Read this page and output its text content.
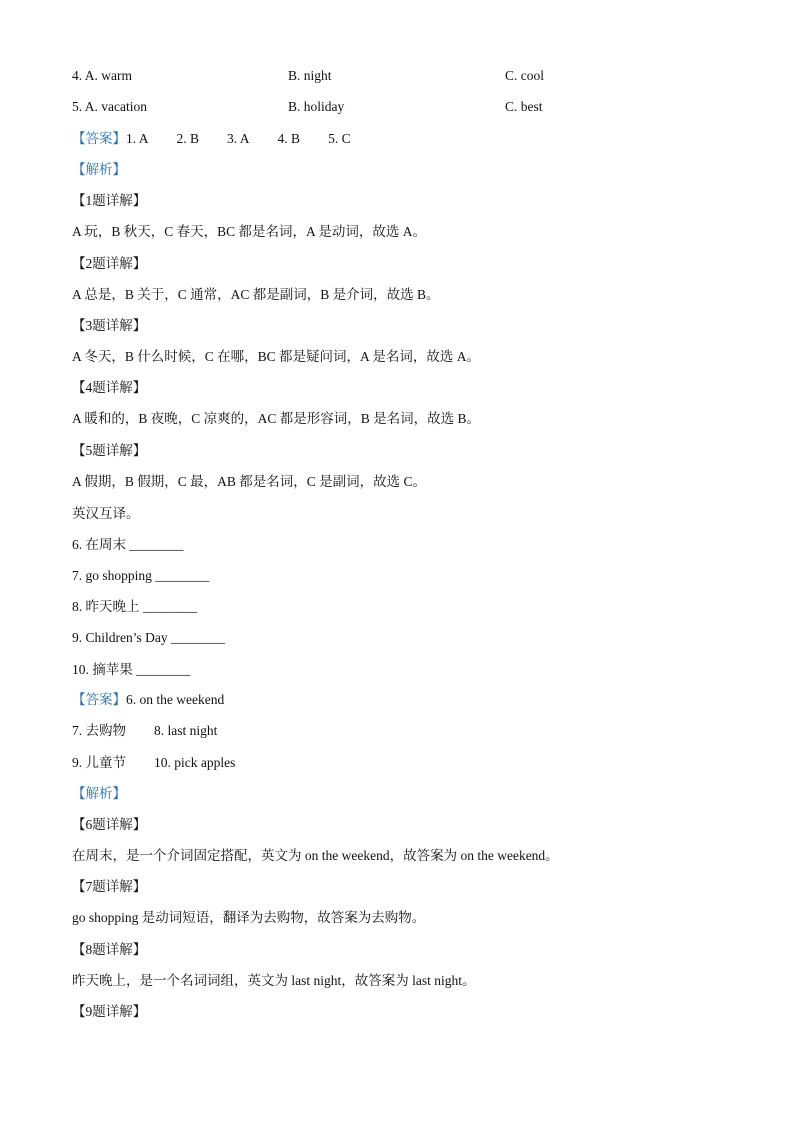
4. A. warm	B. night	C. cool
5. A. vacation	B. holiday	C. best
【答案】1. A 2. B 3. A 4. B 5. C
【解析】
【1题详解】
A 玩，B 秋天，C 春天，BC 都是名词，A 是动词，故选 A。
【2题详解】
A 总是，B 关于，C 通常，AC 都是副词，B 是介词，故选 B。
【3题详解】
A 冬天，B 什么时候，C 在哪，BC 都是疑问词，A 是名词，故选 A。
【4题详解】
A 暖和的，B 夜晚，C 凉爽的，AC 都是形容词，B 是名词，故选 B。
【5题详解】
A 假期，B 假期，C 最，AB 都是名词，C 是副词，故选 C。
英汉互译。
6. 在周末 ________
7. go shopping ________
8. 昨天晚上 ________
9. Children’s Day ________
10. 摘苹果 ________
【答案】6. on the weekend
7. 去购物 8. last night
9. 儿童节 10. pick apples
【解析】
【6题详解】
在周末，是一个介词固定搭配，英文为 on the weekend，故答案为 on the weekend。
【7题详解】
go shopping 是动词短语，翻译为去购物，故答案为去购物。
【8题详解】
昨天晚上，是一个名词词组，英文为 last night，故答案为 last night。
【9题详解】
